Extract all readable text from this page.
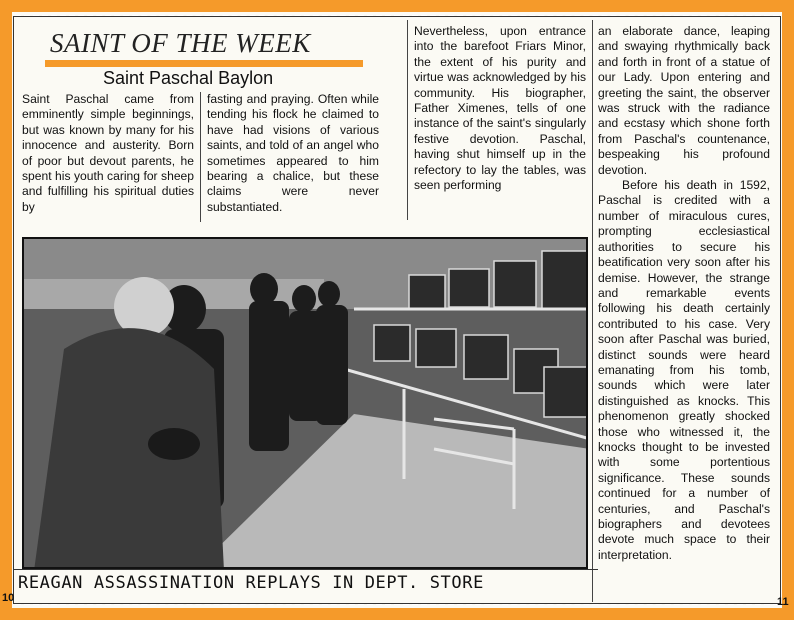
SAINT OF THE WEEK
Saint Paschal Baylon

Saint Paschal came from emminently simple beginnings, but was known by many for his innocence and austerity. Born of poor but devout parents, he spent his youth caring for sheep and fulfilling his spiritual duties by

fasting and praying. Often while tending his flock he claimed to have had visions of various saints, and told of an angel who sometimes appeared to him bearing a chalice, but these claims were never substantiated.

Nevertheless, upon entrance into the barefoot Friars Minor, the extent of his purity and virtue was acknowledged by his community. His biographer, Father Ximenes, tells of one instance of the saint's singularly festive devotion. Paschal, having shut himself up in the refectory to lay the tables, was seen performing

an elaborate dance, leaping and swaying rhythmically back and forth in front of a statue of our Lady. Upon entering and greeting the saint, the observer was struck with the radiance and ecstasy which shone forth from Paschal's countenance, bespeaking his profound devotion.

Before his death in 1592, Paschal is credited with a number of miraculous cures, prompting ecclesiastical authorities to secure his beatification very soon after his demise. However, the strange and remarkable events following his death certainly contributed to his case. Very soon after Paschal was buried, distinct sounds were heard emanating from his tomb, sounds which were later distinguished as knocks. This phenomenon greatly shocked those who witnessed it, the knocks thought to be invested with some portentious significance. These sounds continued for a number of centuries, and Paschal's biographers and devotees devote much space to their interpretation.

REAGAN ASSASSINATION REPLAYS IN DEPT. STORE
10	11
